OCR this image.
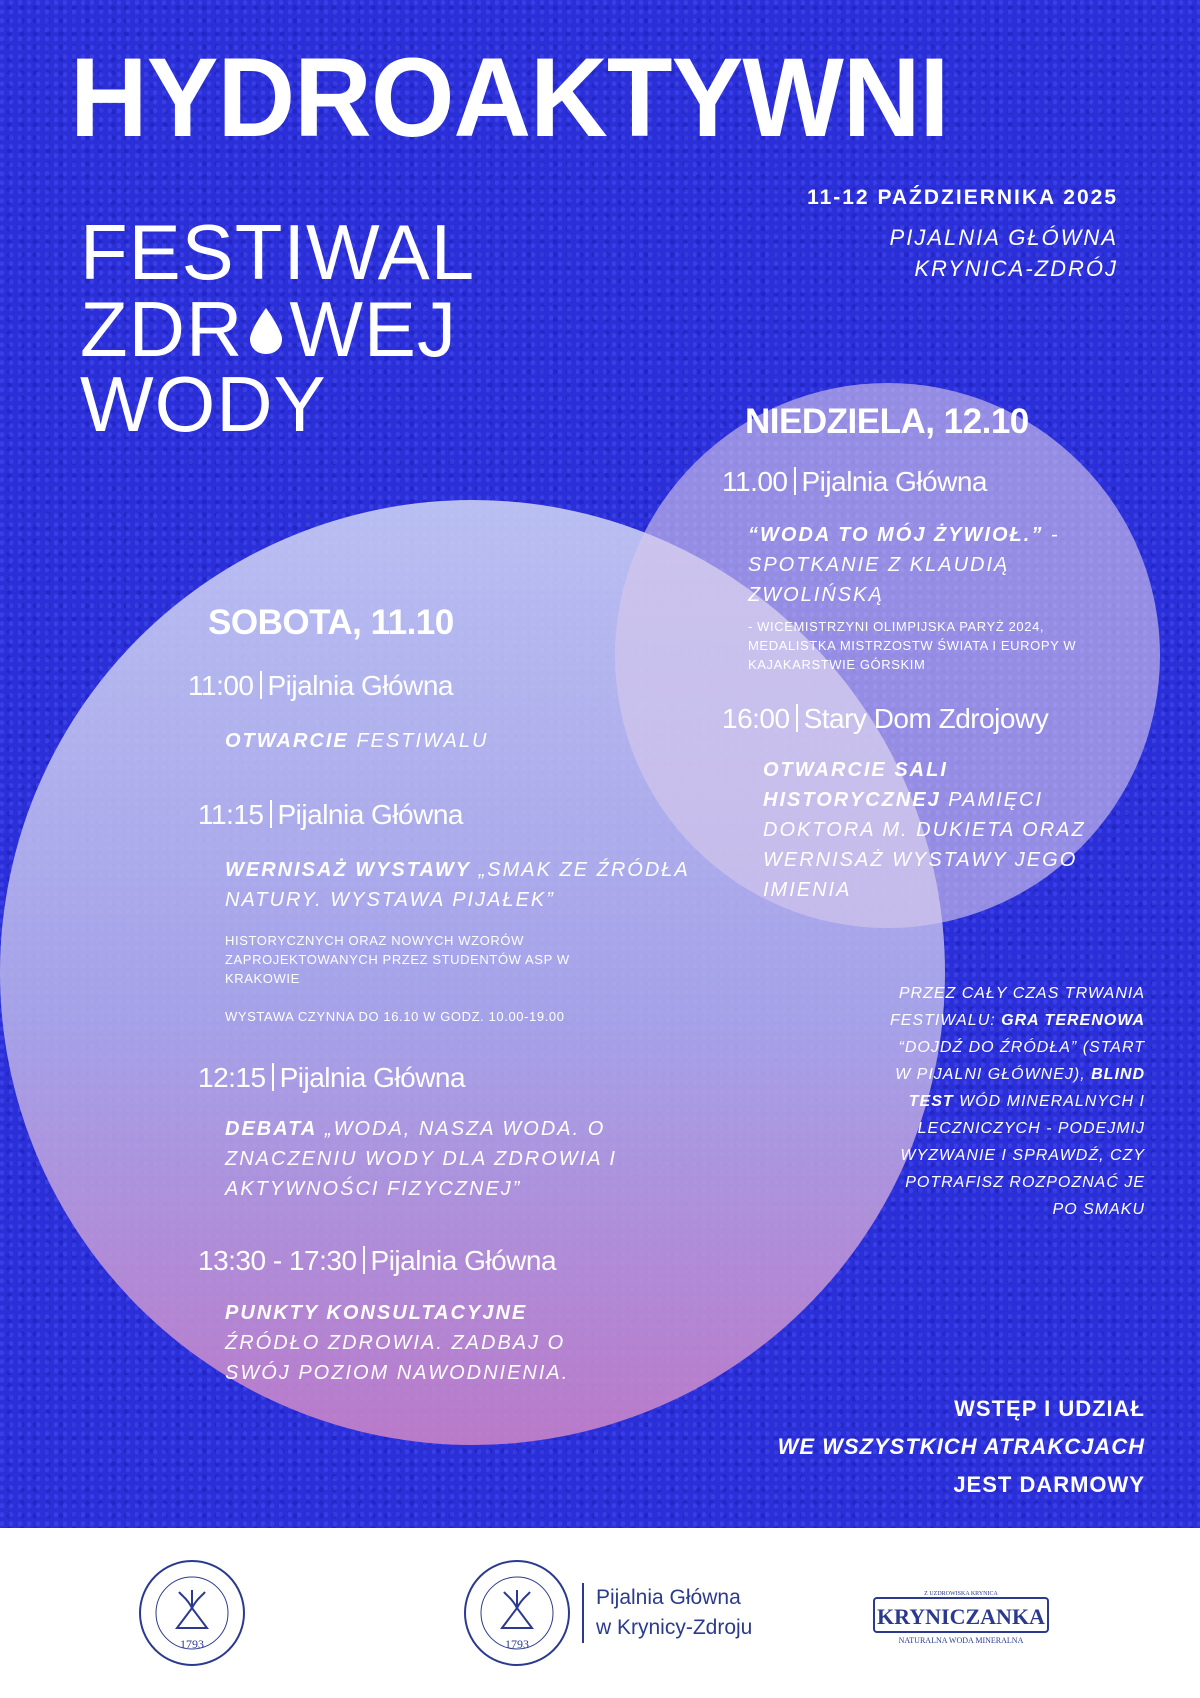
HYDROAKTYWNI
FESTIWAL
ZDR WEJ
WODY
11-12 PAŹDZIERNIKA 2025
PIJALNIA GŁÓWNA
KRYNICA-ZDRÓJ
SOBOTA, 11.10
11:00 Pijalnia Główna
OTWARCIE FESTIWALU
11:15 Pijalnia Główna
WERNISAŻ WYSTAWY „SMAK ZE ŹRÓDŁA NATURY. WYSTAWA PIJAŁEK”
HISTORYCZNYCH ORAZ NOWYCH WZORÓW ZAPROJEKTOWANYCH PRZEZ STUDENTÓW ASP W KRAKOWIE
WYSTAWA CZYNNA DO 16.10 W GODZ. 10.00-19.00
12:15 Pijalnia Główna
DEBATA „WODA, NASZA WODA. O ZNACZENIU WODY DLA ZDROWIA I AKTYWNOŚCI FIZYCZNEJ”
13:30 - 17:30 Pijalnia Główna
PUNKTY KONSULTACYJNE
ŹRÓDŁO ZDROWIA. ZADBAJ O SWÓJ POZIOM NAWODNIENIA.
NIEDZIELA, 12.10
11.00 Pijalnia Główna
“WODA TO MÓJ ŻYWIOŁ.” - SPOTKANIE Z KLAUDIĄ ZWOLIŃSKĄ
- WICEMISTRZYNI OLIMPIJSKA PARYŻ 2024, MEDALISTKA MISTRZOSTW ŚWIATA I EUROPY W KAJAKARSTWIE GÓRSKIM
16:00 Stary Dom Zdrojowy
OTWARCIE SALI HISTORYCZNEJ PAMIĘCI DOKTORA M. DUKIETA ORAZ WERNISAŻ WYSTAWY JEGO IMIENIA
PRZEZ CAŁY CZAS TRWANIA FESTIWALU: GRA TERENOWA “DOJDŹ DO ŹRÓDŁA” (START W PIJALNI GŁÓWNEJ), BLIND TEST WÓD MINERALNYCH I LECZNICZYCH - PODEJMIJ WYZWANIE I SPRAWDŹ, CZY POTRAFISZ ROZPOZNAĆ JE PO SMAKU
WSTĘP I UDZIAŁ
WE WSZYSTKICH ATRAKCJACH
JEST DARMOWY
1793	1793
Pijalnia Główna
w Krynicy-Zdroju
Z UZDROWISKA KRYNICA
KRYNICZANKA
NATURALNA WODA MINERALNA
